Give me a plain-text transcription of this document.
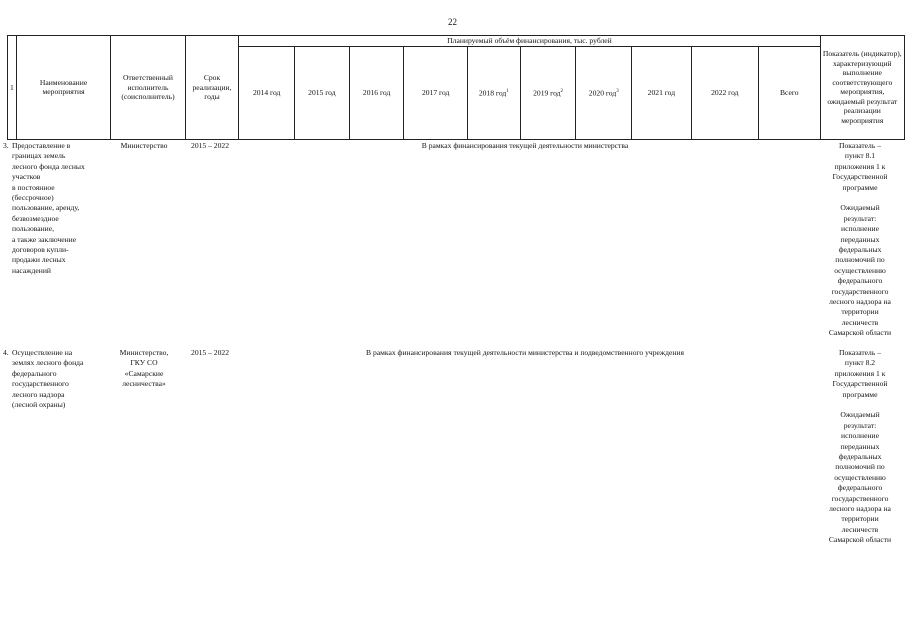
22
1	Наименование мероприятия	Ответственный исполнитель (соисполнитель)	Срок реализации, годы	Планируемый объём финансирования, тыс. рублей										Показатель (индикатор), характеризующий выполнение соответствующего мероприятия, ожидаемый результат реализации мероприятия
				2014 год	2015 год	2016 год	2017 год	2018 год$^1$	2019 год$^2$	2020 год$^3$	2021 год	2022 год	Всего	
3. Предоставление в
границах земель
лесного фонда лесных
участков
в постоянное
(бессрочное)
пользование, аренду,
безвозмездное
пользование,
а также заключение
договоров купли-
продажи лесных
насаждений
Министерство	2015 – 2022	В рамках финансирования текущей деятельности министерства	Показатель –
пункт 8.1
приложения 1 к
Государственной
программе
Ожидаемый
результат:
исполнение
переданных
федеральных
полномочий по
осуществлению
федерального
государственного
лесного надзора на
территории
лесничеств
Самарской области
4. Осуществление на
землях лесного фонда
федерального
государственного
лесного надзора
(лесной охраны)
Министерство,
ГКУ СО
«Самарские
лесничества»
2015 – 2022	В рамках финансирования текущей деятельности министерства и подведомственного учреждения	Показатель –
пункт 8.2
приложения 1 к
Государственной
программе
Ожидаемый
результат:
исполнение
переданных
федеральных
полномочий по
осуществлению
федерального
государственного
лесного надзора на
территории
лесничеств
Самарской области
